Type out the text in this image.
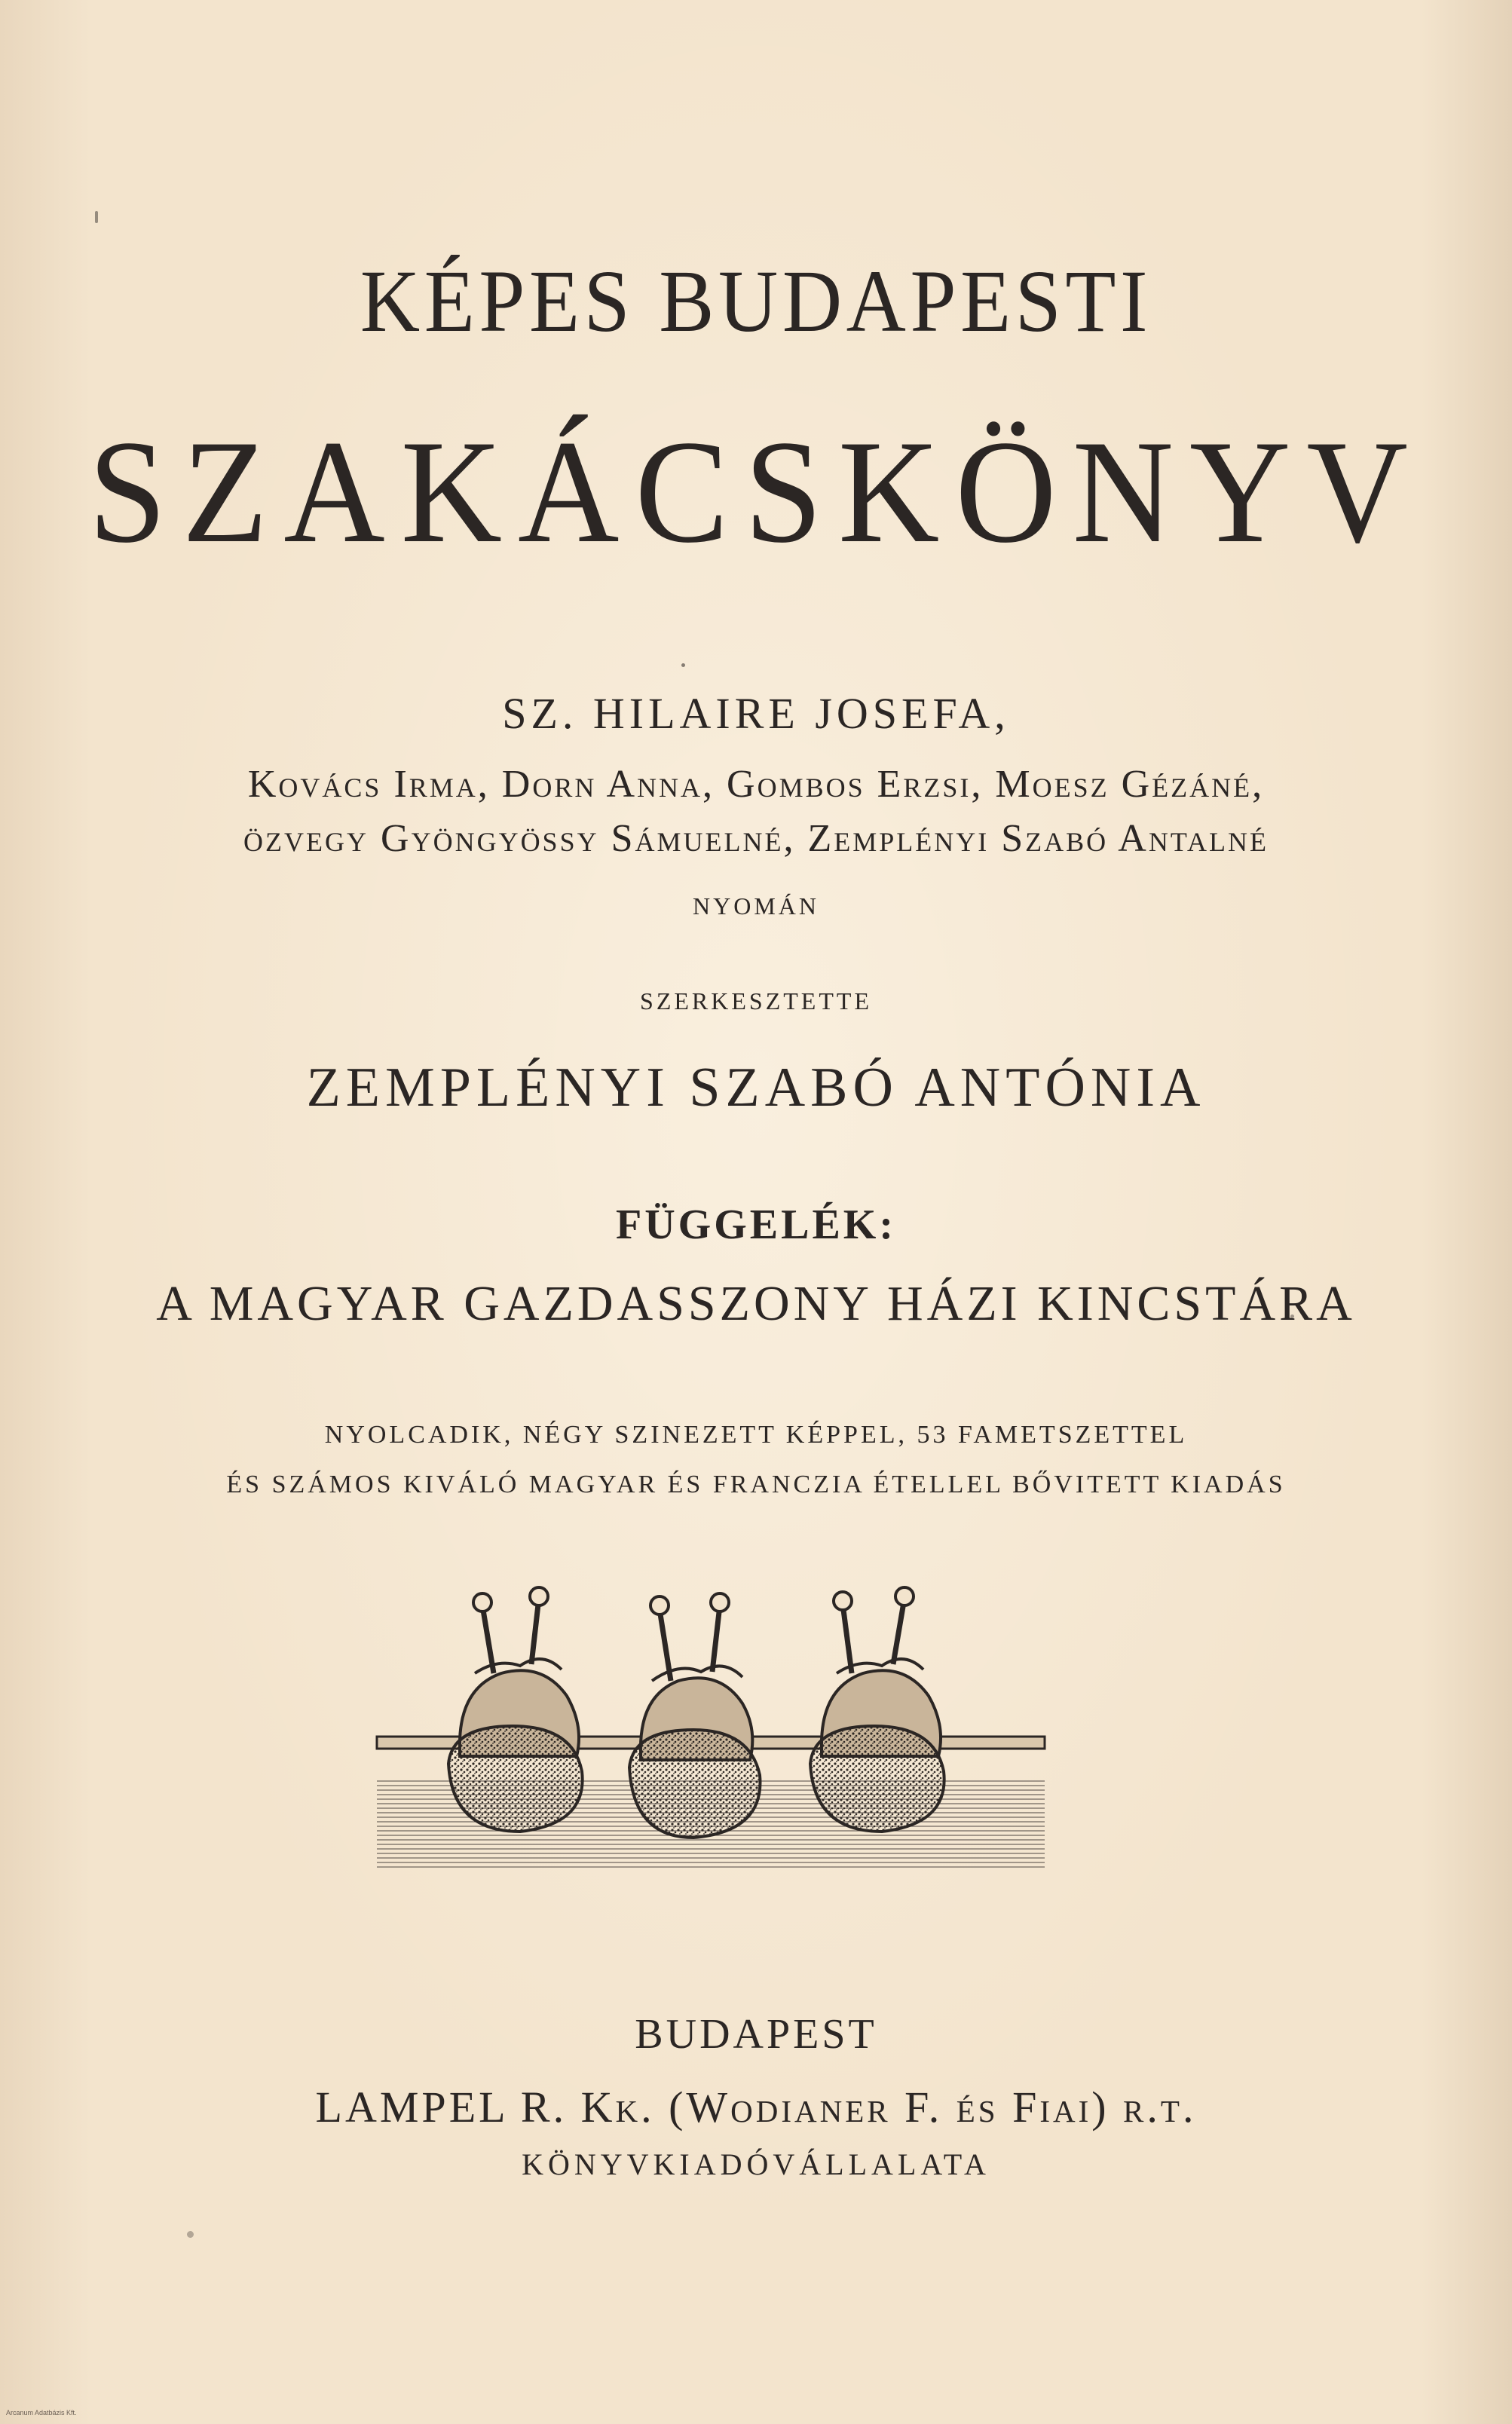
KÉPES BUDAPESTI
SZAKÁCSKÖNYV
SZ. HILAIRE JOSEFA,
Kovács Irma, Dorn Anna, Gombos Erzsi, Moesz Gézáné,
özvegy Gyöngyössy Sámuelné, Zemplényi Szabó Antalné
NYOMÁN
SZERKESZTETTE
ZEMPLÉNYI SZABÓ ANTÓNIA
FÜGGELÉK:
A MAGYAR GAZDASSZONY HÁZI KINCSTÁRA
NYOLCADIK, NÉGY SZINEZETT KÉPPEL, 53 FAMETSZETTEL
ÉS SZÁMOS KIVÁLÓ MAGYAR ÉS FRANCZIA ÉTELLEL BŐVITETT KIADÁS
BUDAPEST
LAMPEL R. Kk. (Wodianer F. és Fiai) r.t.
KÖNYVKIADÓVÁLLALATA
Arcanum Adatbázis Kft.
